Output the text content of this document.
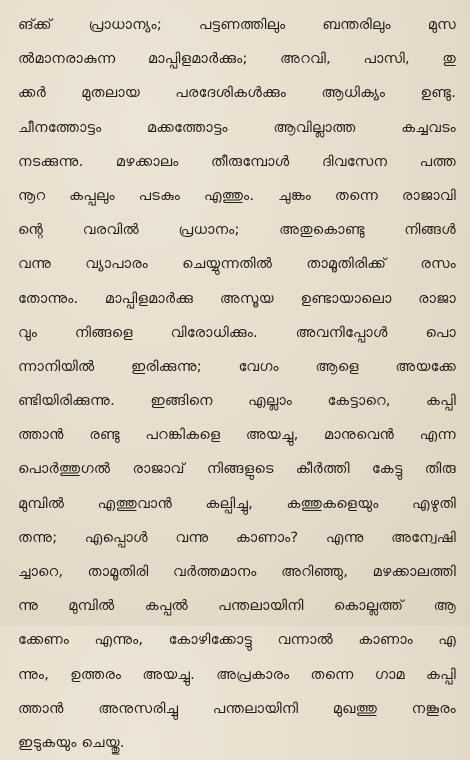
ങ്ക്ക് പ്രാധാന്യം; പട്ടണത്തിലും ബന്തരിലും മുസ
ൽമാനരാകുന്ന മാപ്പിളമാർക്കും; അറവി, പാസി, തു
ക്കർ മുതലായ പരദേശികൾക്കും ആധിക്യം ഉണ്ടു.
ചീനത്തോട്ടം മക്കത്തോട്ടം ആവില്ലാത്ത കച്ചവടം
നടക്കുന്നു. മഴക്കാലം തീരുമ്പോൾ ദിവസേന പത്ത
നൂറ കപ്പലും പടകും എത്തും. ചുങ്കം തന്നെ രാജാവി
ന്റെ വരവിൽ പ്രധാനം; അതുകൊണ്ടു നിങ്ങൾ
വന്നു വ്യാപാരം ചെയ്യുന്നതിൽ താമൂതിരിക്ക് രസം
തോന്നും. മാപ്പിളമാർക്കു അസൂയ ഉണ്ടായാലൊ രാജാ
വും നിങ്ങളെ വിരോധിക്കും. അവനിപ്പോൾ പൊ
ന്നാനിയിൽ ഇരിക്കുന്നു; വേഗം ആളെ അയക്കേ
ണ്ടിയിരിക്കുന്നു. ഇങ്ങിനെ എല്ലാം കേട്ടാറെ, കപ്പി
ത്താൻ രണ്ടു പറങ്കികളെ അയച്ചു, മാനുവെൻ എന്ന
പൊർത്തുഗൽ രാജാവ് നിങ്ങളുടെ കീർത്തി കേട്ടു തിരു
മുമ്പിൽ എത്തുവാൻ കല്പിച്ചു, കത്തുകളെയും എഴുതി
തന്നു; എപ്പൊൾ വന്നു കാണാം? എന്നു അന്വേഷി
ച്ചാറെ, താമൂതിരി വർത്തമാനം അറിഞ്ഞു, മഴക്കാലത്തി
ന്നു മുമ്പിൽ കപ്പൽ പന്തലായിനി കൊല്ലത്ത് ആ
ക്കേണം എന്നും, കോഴിക്കോട്ടു വന്നാൽ കാണാം എ
ന്നും, ഉത്തരം അയച്ചു. അപ്രകാരം തന്നെ ഗാമ കപ്പി
ത്താൻ അനുസരിച്ചു പന്തലായിനി മുഖത്തു നങ്കൂരം
ഇടുകയും ചെയ്തു.
